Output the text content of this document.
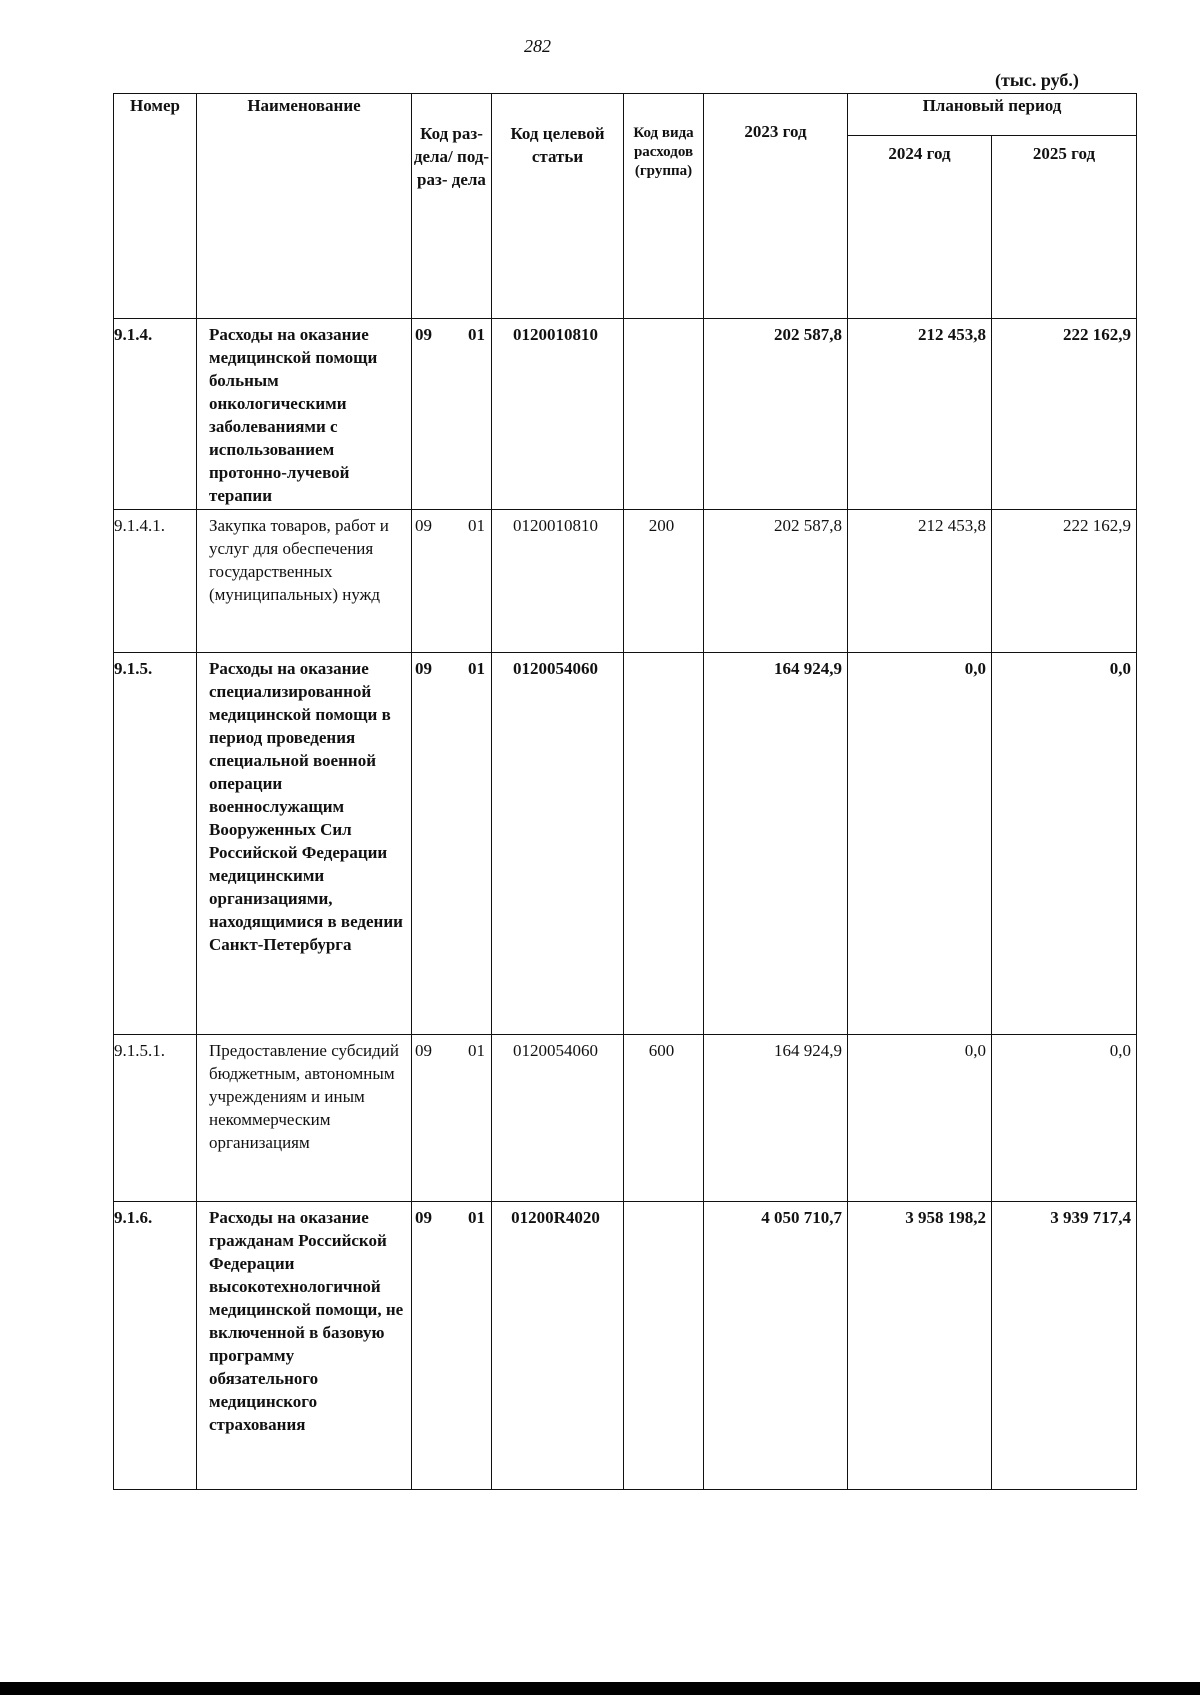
282
(тыс. руб.)
Номер	Наименование	Код раз- дела/ под- раз- дела	Код целевой статьи	Код вида расходов (группа)	2023 год	Плановый период	
						2024 год	2025 год
9.1.4.	Расходы на оказание медицинской помощи больным онкологическими заболеваниями с использованием протонно-лучевой терапии	09 01	0120010810		202 587,8	212 453,8	222 162,9
9.1.4.1.	Закупка товаров, работ и услуг для обеспечения государственных (муниципальных) нужд	09 01	0120010810	200	202 587,8	212 453,8	222 162,9
9.1.5.	Расходы на оказание специализированной медицинской помощи в период проведения специальной военной операции военнослужащим Вооруженных Сил Российской Федерации медицинскими организациями, находящимися в ведении Санкт-Петербурга	09 01	0120054060		164 924,9	0,0	0,0
9.1.5.1.	Предоставление субсидий бюджетным, автономным учреждениям и иным некоммерческим организациям	09 01	0120054060	600	164 924,9	0,0	0,0
9.1.6.	Расходы на оказание гражданам Российской Федерации высокотехнологичной медицинской помощи, не включенной в базовую программу обязательного медицинского страхования	09 01	01200R4020		4 050 710,7	3 958 198,2	3 939 717,4
